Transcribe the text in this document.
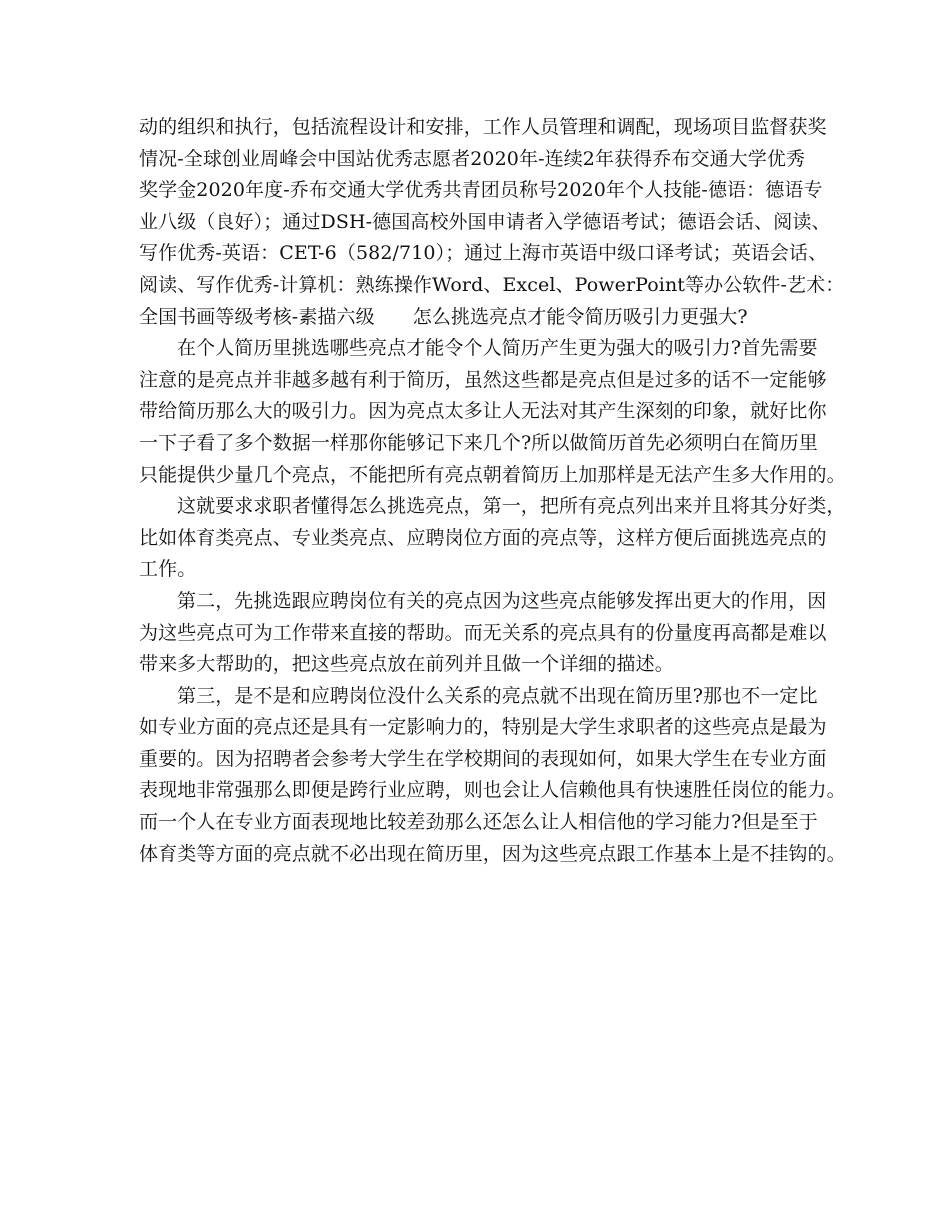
动的组织和执行，包括流程设计和安排，工作人员管理和调配，现场项目监督获奖
情况-全球创业周峰会中国站优秀志愿者2020年-连续2年获得乔布交通大学优秀
奖学金2020年度-乔布交通大学优秀共青团员称号2020年个人技能-德语：德语专
业八级（良好）；通过DSH-德国高校外国申请者入学德语考试；德语会话、阅读、
写作优秀-英语：CET-6（582/710）；通过上海市英语中级口译考试；英语会话、
阅读、写作优秀-计算机：熟练操作Word、Excel、PowerPoint等办公软件-艺术：
全国书画等级考核-素描六级 怎么挑选亮点才能令简历吸引力更强大?
在个人简历里挑选哪些亮点才能令个人简历产生更为强大的吸引力?首先需要
注意的是亮点并非越多越有利于简历，虽然这些都是亮点但是过多的话不一定能够
带给简历那么大的吸引力。因为亮点太多让人无法对其产生深刻的印象，就好比你
一下子看了多个数据一样那你能够记下来几个?所以做简历首先必须明白在简历里
只能提供少量几个亮点，不能把所有亮点朝着简历上加那样是无法产生多大作用的。
这就要求求职者懂得怎么挑选亮点，第一，把所有亮点列出来并且将其分好类，
比如体育类亮点、专业类亮点、应聘岗位方面的亮点等，这样方便后面挑选亮点的
工作。
第二，先挑选跟应聘岗位有关的亮点因为这些亮点能够发挥出更大的作用，因
为这些亮点可为工作带来直接的帮助。而无关系的亮点具有的份量度再高都是难以
带来多大帮助的，把这些亮点放在前列并且做一个详细的描述。
第三，是不是和应聘岗位没什么关系的亮点就不出现在简历里?那也不一定比
如专业方面的亮点还是具有一定影响力的，特别是大学生求职者的这些亮点是最为
重要的。因为招聘者会参考大学生在学校期间的表现如何，如果大学生在专业方面
表现地非常强那么即便是跨行业应聘，则也会让人信赖他具有快速胜任岗位的能力。
而一个人在专业方面表现地比较差劲那么还怎么让人相信他的学习能力?但是至于
体育类等方面的亮点就不必出现在简历里，因为这些亮点跟工作基本上是不挂钩的。
